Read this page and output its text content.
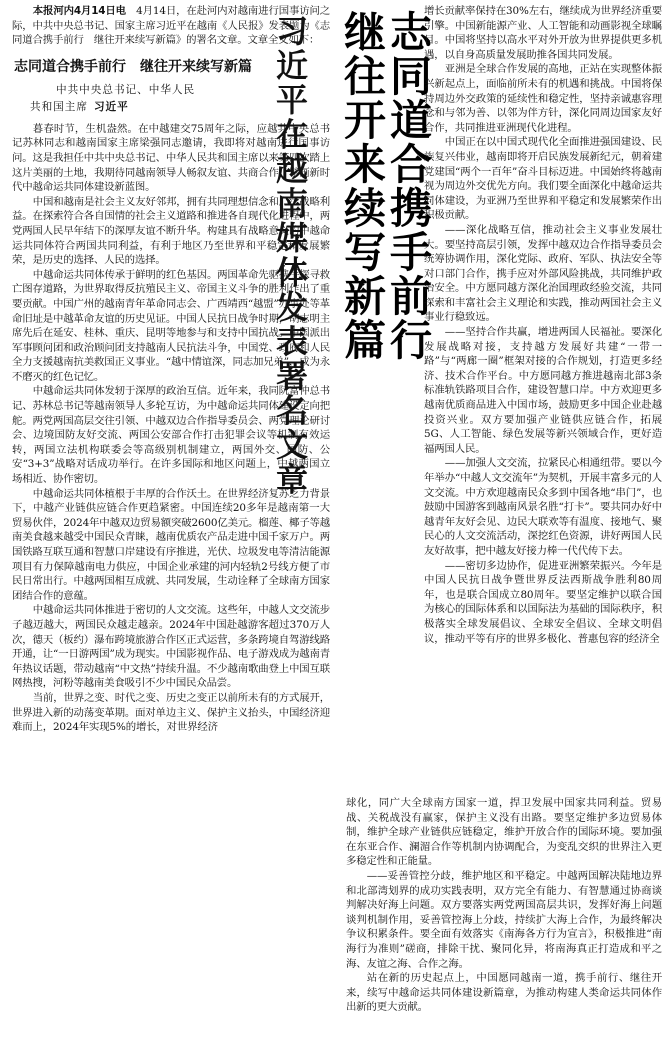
本报河内4月14日电　 4月14日，在赴河内对越南进行国事访问之际，中共中央总书记、国家主席习近平在越南《人民报》发表题为《志同道合携手前行　继往开来续写新篇》的署名文章。文章全文如下：

志同道合携手前行　继往开来续写新篇

中共中央总书记、中华人民

共和国主席 习近平

暮春时节，生机盎然。在中越建交75周年之际，应越共中央总书记苏林同志和越南国家主席梁强同志邀请，我即将对越南进行国事访问。这是我担任中共中央总书记、中华人民共和国主席以来第四次踏上这片美丽的土地，我期待同越南领导人畅叙友谊、共商合作，擘画新时代中越命运共同体建设新蓝图。

中国和越南是社会主义友好邻邦，拥有共同理想信念和广泛战略利益。在探索符合各自国情的社会主义道路和推进各自现代化进程中，两党两国人民早年结下的深厚友谊不断升华。构建具有战略意义的中越命运共同体符合两国共同利益，有利于地区乃至世界和平稳定和发展繁荣，是历史的选择、人民的选择。

中越命运共同体传承于鲜明的红色基因。两国革命先驱携手探寻救亡图存道路，为世界取得反抗殖民主义、帝国主义斗争的胜利作出了重要贡献。中国广州的越南青年革命同志会、广西靖西“越盟”办事处等革命旧址是中越革命友谊的历史见证。中国人民抗日战争时期，胡志明主席先后在延安、桂林、重庆、昆明等地参与和支持中国抗战。中国派出军事顾问团和政治顾问团支持越南人民抗法斗争，中国党、政府和人民全力支援越南抗美救国正义事业。“越中情谊深，同志加兄弟”，成为永不磨灭的红色记忆。

中越命运共同体发轫于深厚的政治互信。近年来，我同阮富仲总书记、苏林总书记等越南领导人多轮互访，为中越命运共同体建设定向把舵。两党两国高层交往引领、中越双边合作指导委员会、两党理论研讨会、边境国防友好交流、两国公安部合作打击犯罪会议等机制有效运转，两国立法机构联委会等高级别机制建立，两国外交、国防、公安“3+3”战略对话成功举行。在许多国际和地区问题上，中越两国立场相近、协作密切。

中越命运共同体植根于丰厚的合作沃土。在世界经济复苏乏力背景下，中越产业链供应链合作更趋紧密。中国连续20多年是越南第一大贸易伙伴，2024年中越双边贸易额突破2600亿美元。榴莲、椰子等越南美食越来越受中国民众青睐，越南优质农产品走进中国千家万户。两国铁路互联互通和智慧口岸建设有序推进，光伏、垃圾发电等清洁能源项目有力保障越南电力供应，中国企业承建的河内轻轨2号线方便了市民日常出行。中越两国相互成就、共同发展，生动诠释了全球南方国家团结合作的意蕴。

中越命运共同体推进于密切的人文交流。这些年，中越人文交流步子越迈越大，两国民众越走越亲。2024年中国赴越游客超过370万人次，德天（板约）瀑布跨境旅游合作区正式运营，多条跨境自驾游线路开通，让“一日游两国”成为现实。中国影视作品、电子游戏成为越南青年热议话题，带动越南“中文热”持续升温。不少越南歌曲登上中国互联网热搜，河粉等越南美食吸引不少中国民众品尝。

当前，世界之变、时代之变、历史之变正以前所未有的方式展开，世界进入新的动荡变革期。面对单边主义、保护主义抬头，中国经济迎难而上，2024年实现5%的增长，对世界经济

习近平在越南媒体发表署名文章 志同道合携手前行
继往开来续写新篇	增长贡献率保持在30%左右，继续成为世界经济重要引擎。中国新能源产业、人工智能和动画影视全球瞩目。中国将坚持以高水平对外开放为世界提供更多机遇，以自身高质量发展助推各国共同发展。

亚洲是全球合作发展的高地，正站在实现整体振兴新起点上，面临前所未有的机遇和挑战。中国将保持周边外交政策的延续性和稳定性，坚持亲诚惠容理念和与邻为善、以邻为伴方针，深化同周边国家友好合作，共同推进亚洲现代化进程。

中国正在以中国式现代化全面推进强国建设、民族复兴伟业，越南即将开启民族发展新纪元，朝着建党建国“两个一百年”奋斗目标迈进。中国始终将越南视为周边外交优先方向。我们要全面深化中越命运共同体建设，为亚洲乃至世界和平稳定和发展繁荣作出积极贡献。

——深化战略互信，推动社会主义事业发展壮大。要坚持高层引领，发挥中越双边合作指导委员会统筹协调作用，深化党际、政府、军队、执法安全等对口部门合作，携手应对外部风险挑战，共同维护政治安全。中方愿同越方深化治国理政经验交流，共同探索和丰富社会主义理论和实践，推动两国社会主义事业行稳致远。

——坚持合作共赢，增进两国人民福祉。要深化发展战略对接，支持越方发展好共建“一带一路”与“两廊一圈”框架对接的合作规划，打造更多经济、技术合作平台。中方愿同越方推进越南北部3条标准轨铁路项目合作，建设智慧口岸。中方欢迎更多越南优质商品进入中国市场，鼓励更多中国企业赴越投资兴业。双方要加强产业链供应链合作，拓展5G、人工智能、绿色发展等新兴领域合作，更好造福两国人民。

——加强人文交流，拉紧民心相通纽带。要以今年举办“中越人文交流年”为契机，开展丰富多元的人文交流。中方欢迎越南民众多到中国各地“串门”，也鼓励中国游客到越南风景名胜“打卡”。要共同办好中越青年友好会见、边民大联欢等有温度、接地气、聚民心的人文交流活动，深挖红色资源，讲好两国人民友好故事，把中越友好接力棒一代代传下去。

——密切多边协作，促进亚洲繁荣振兴。今年是中国人民抗日战争暨世界反法西斯战争胜利80周年，也是联合国成立80周年。要坚定维护以联合国为核心的国际体系和以国际法为基础的国际秩序，积极落实全球发展倡议、全球安全倡议、全球文明倡议，推动平等有序的世界多极化、普惠包容的经济全

球化，同广大全球南方国家一道，捍卫发展中国家共同利益。贸易战、关税战没有赢家，保护主义没有出路。要坚定维护多边贸易体制，维护全球产业链供应链稳定，维护开放合作的国际环境。要加强在东亚合作、澜湄合作等机制内协调配合，为变乱交织的世界注入更多稳定性和正能量。

——妥善管控分歧，维护地区和平稳定。中越两国解决陆地边界和北部湾划界的成功实践表明，双方完全有能力、有智慧通过协商谈判解决好海上问题。双方要落实两党两国高层共识，发挥好海上问题谈判机制作用，妥善管控海上分歧，持续扩大海上合作，为最终解决争议积累条件。要全面有效落实《南海各方行为宣言》，积极推进“南海行为准则”磋商，排除干扰、聚同化异，将南海真正打造成和平之海、友谊之海、合作之海。

站在新的历史起点上，中国愿同越南一道，携手前行、继往开来，续写中越命运共同体建设新篇章，为推动构建人类命运共同体作出新的更大贡献。
